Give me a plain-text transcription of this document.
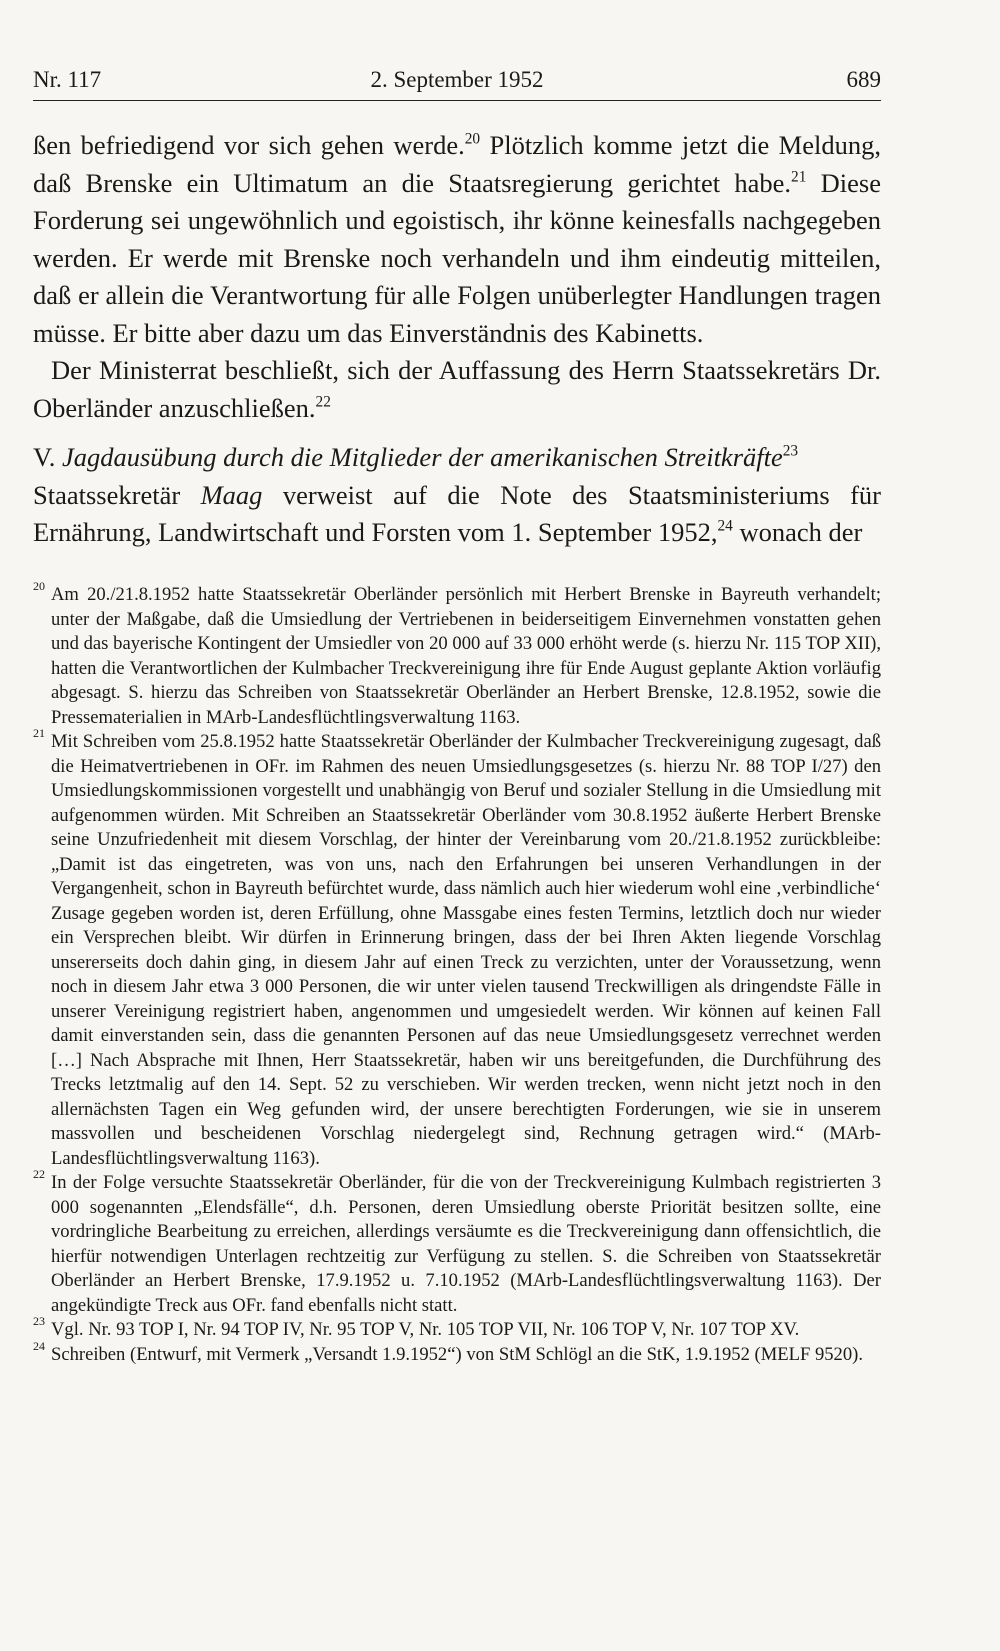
Nr. 117	2. September 1952	689

ßen befriedigend vor sich gehen werde.$^{20}$ Plötzlich komme jetzt die Meldung, daß Brenske ein Ultimatum an die Staatsregierung gerichtet habe.$^{21}$ Diese Forderung sei ungewöhnlich und egoistisch, ihr könne keinesfalls nachgegeben werden. Er werde mit Brenske noch verhandeln und ihm eindeutig mitteilen, daß er allein die Verantwortung für alle Folgen unüberlegter Handlungen tragen müsse. Er bitte aber dazu um das Einverständnis des Kabinetts.

Der Ministerrat beschließt, sich der Auffassung des Herrn Staatssekretärs Dr. Oberländer anzuschließen.$^{22}$

V. Jagdausübung durch die Mitglieder der amerikanischen Streitkräfte$^{23}$

Staatssekretär Maag verweist auf die Note des Staatsministeriums für Ernährung, Landwirtschaft und Forsten vom 1. September 1952,24 wonach der

20 Am 20./21.8.1952 hatte Staatssekretär Oberländer persönlich mit Herbert Brenske in Bayreuth verhandelt; unter der Maßgabe, daß die Umsiedlung der Vertriebenen in beiderseitigem Einvernehmen vonstatten gehen und das bayerische Kontingent der Umsiedler von 20 000 auf 33 000 erhöht werde (s. hierzu Nr. 115 TOP XII), hatten die Verantwortlichen der Kulmbacher Treckvereinigung ihre für Ende August geplante Aktion vorläufig abgesagt. S. hierzu das Schreiben von Staatssekretär Oberländer an Herbert Brenske, 12.8.1952, sowie die Pressematerialien in MArb-Landesflüchtlingsverwaltung 1163.

21 Mit Schreiben vom 25.8.1952 hatte Staatssekretär Oberländer der Kulmbacher Treckvereinigung zugesagt, daß die Heimatvertriebenen in OFr. im Rahmen des neuen Umsiedlungsgesetzes (s. hierzu Nr. 88 TOP I/27) den Umsiedlungskommissionen vorgestellt und unabhängig von Beruf und sozialer Stellung in die Umsiedlung mit aufgenommen würden. Mit Schreiben an Staatssekretär Oberländer vom 30.8.1952 äußerte Herbert Brenske seine Unzufriedenheit mit diesem Vorschlag, der hinter der Vereinbarung vom 20./21.8.1952 zurückbleibe: „Damit ist das eingetreten, was von uns, nach den Erfahrungen bei unseren Verhandlungen in der Vergangenheit, schon in Bayreuth befürchtet wurde, dass nämlich auch hier wiederum wohl eine ‚verbindliche‘ Zusage gegeben worden ist, deren Erfüllung, ohne Massgabe eines festen Termins, letztlich doch nur wieder ein Versprechen bleibt. Wir dürfen in Erinnerung bringen, dass der bei Ihren Akten liegende Vorschlag unsererseits doch dahin ging, in diesem Jahr auf einen Treck zu verzichten, unter der Voraussetzung, wenn noch in diesem Jahr etwa 3 000 Personen, die wir unter vielen tausend Treckwilligen als dringendste Fälle in unserer Vereinigung registriert haben, angenommen und umgesiedelt werden. Wir können auf keinen Fall damit einverstanden sein, dass die genannten Personen auf das neue Umsiedlungsgesetz verrechnet werden […] Nach Absprache mit Ihnen, Herr Staatssekretär, haben wir uns bereitgefunden, die Durchführung des Trecks letztmalig auf den 14. Sept. 52 zu verschieben. Wir werden trecken, wenn nicht jetzt noch in den allernächsten Tagen ein Weg gefunden wird, der unsere berechtigten Forderungen, wie sie in unserem massvollen und bescheidenen Vorschlag niedergelegt sind, Rechnung getragen wird.“ (MArb-Landesflüchtlingsverwaltung 1163).

22 In der Folge versuchte Staatssekretär Oberländer, für die von der Treckvereinigung Kulmbach registrierten 3 000 sogenannten „Elendsfälle“, d.h. Personen, deren Umsiedlung oberste Priorität besitzen sollte, eine vordringliche Bearbeitung zu erreichen, allerdings versäumte es die Treckvereinigung dann offensichtlich, die hierfür notwendigen Unterlagen rechtzeitig zur Verfügung zu stellen. S. die Schreiben von Staatssekretär Oberländer an Herbert Brenske, 17.9.1952 u. 7.10.1952 (MArb-Landesflüchtlingsverwaltung 1163). Der angekündigte Treck aus OFr. fand ebenfalls nicht statt.

23 Vgl. Nr. 93 TOP I, Nr. 94 TOP IV, Nr. 95 TOP V, Nr. 105 TOP VII, Nr. 106 TOP V, Nr. 107 TOP XV.

24 Schreiben (Entwurf, mit Vermerk „Versandt 1.9.1952“) von StM Schlögl an die StK, 1.9.1952 (MELF 9520).
